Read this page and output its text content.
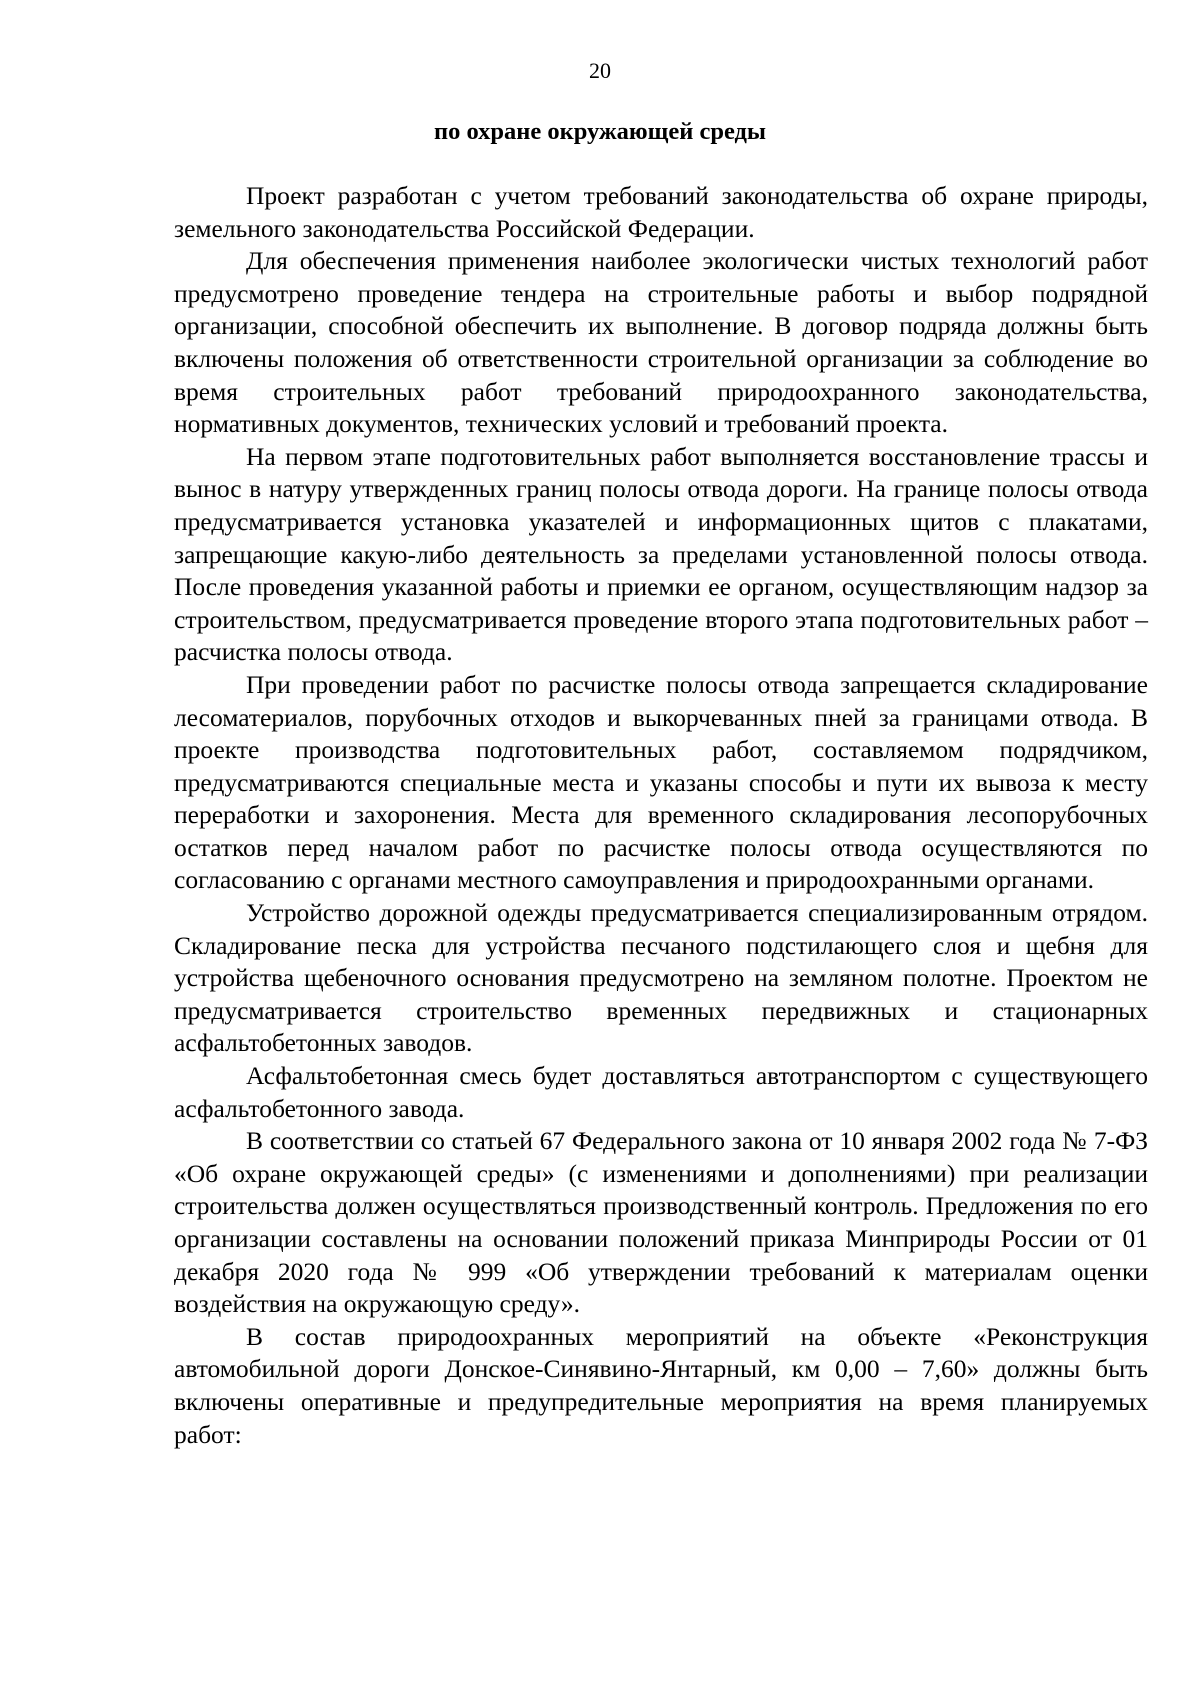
20
по охране окружающей среды

Проект разработан с учетом требований законодательства об охране природы, земельного законодательства Российской Федерации.

Для обеспечения применения наиболее экологически чистых технологий работ предусмотрено проведение тендера на строительные работы и выбор подрядной организации, способной обеспечить их выполнение. В договор подряда должны быть включены положения об ответственности строительной организации за соблюдение во время строительных работ требований природоохранного законодательства, нормативных документов, технических условий и требований проекта.

На первом этапе подготовительных работ выполняется восстановление трассы и вынос в натуру утвержденных границ полосы отвода дороги. На границе полосы отвода предусматривается установка указателей и информационных щитов с плакатами, запрещающие какую-либо деятельность за пределами установленной полосы отвода. После проведения указанной работы и приемки ее органом, осуществляющим надзор за строительством, предусматривается проведение второго этапа подготовительных работ – расчистка полосы отвода.

При проведении работ по расчистке полосы отвода запрещается складирование лесоматериалов, порубочных отходов и выкорчеванных пней за границами отвода. В проекте производства подготовительных работ, составляемом подрядчиком, предусматриваются специальные места и указаны способы и пути их вывоза к месту переработки и захоронения. Места для временного складирования лесопорубочных остатков перед началом работ по расчистке полосы отвода осуществляются по согласованию с органами местного самоуправления и природоохранными органами.

Устройство дорожной одежды предусматривается специализированным отрядом. Складирование песка для устройства песчаного подстилающего слоя и щебня для устройства щебеночного основания предусмотрено на земляном полотне. Проектом не предусматривается строительство временных передвижных и стационарных асфальтобетонных заводов.

Асфальтобетонная смесь будет доставляться автотранспортом с существующего асфальтобетонного завода.

В соответствии со статьей 67 Федерального закона от 10 января 2002 года № 7-ФЗ «Об охране окружающей среды» (с изменениями и дополнениями) при реализации строительства должен осуществляться производственный контроль. Предложения по его организации составлены на основании положений приказа Минприроды России от 01 декабря 2020 года № 999 «Об утверждении требований к материалам оценки воздействия на окружающую среду».

В состав природоохранных мероприятий на объекте «Реконструкция автомобильной дороги Донское-Синявино-Янтарный, км 0,00 – 7,60» должны быть включены оперативные и предупредительные мероприятия на время планируемых работ:
